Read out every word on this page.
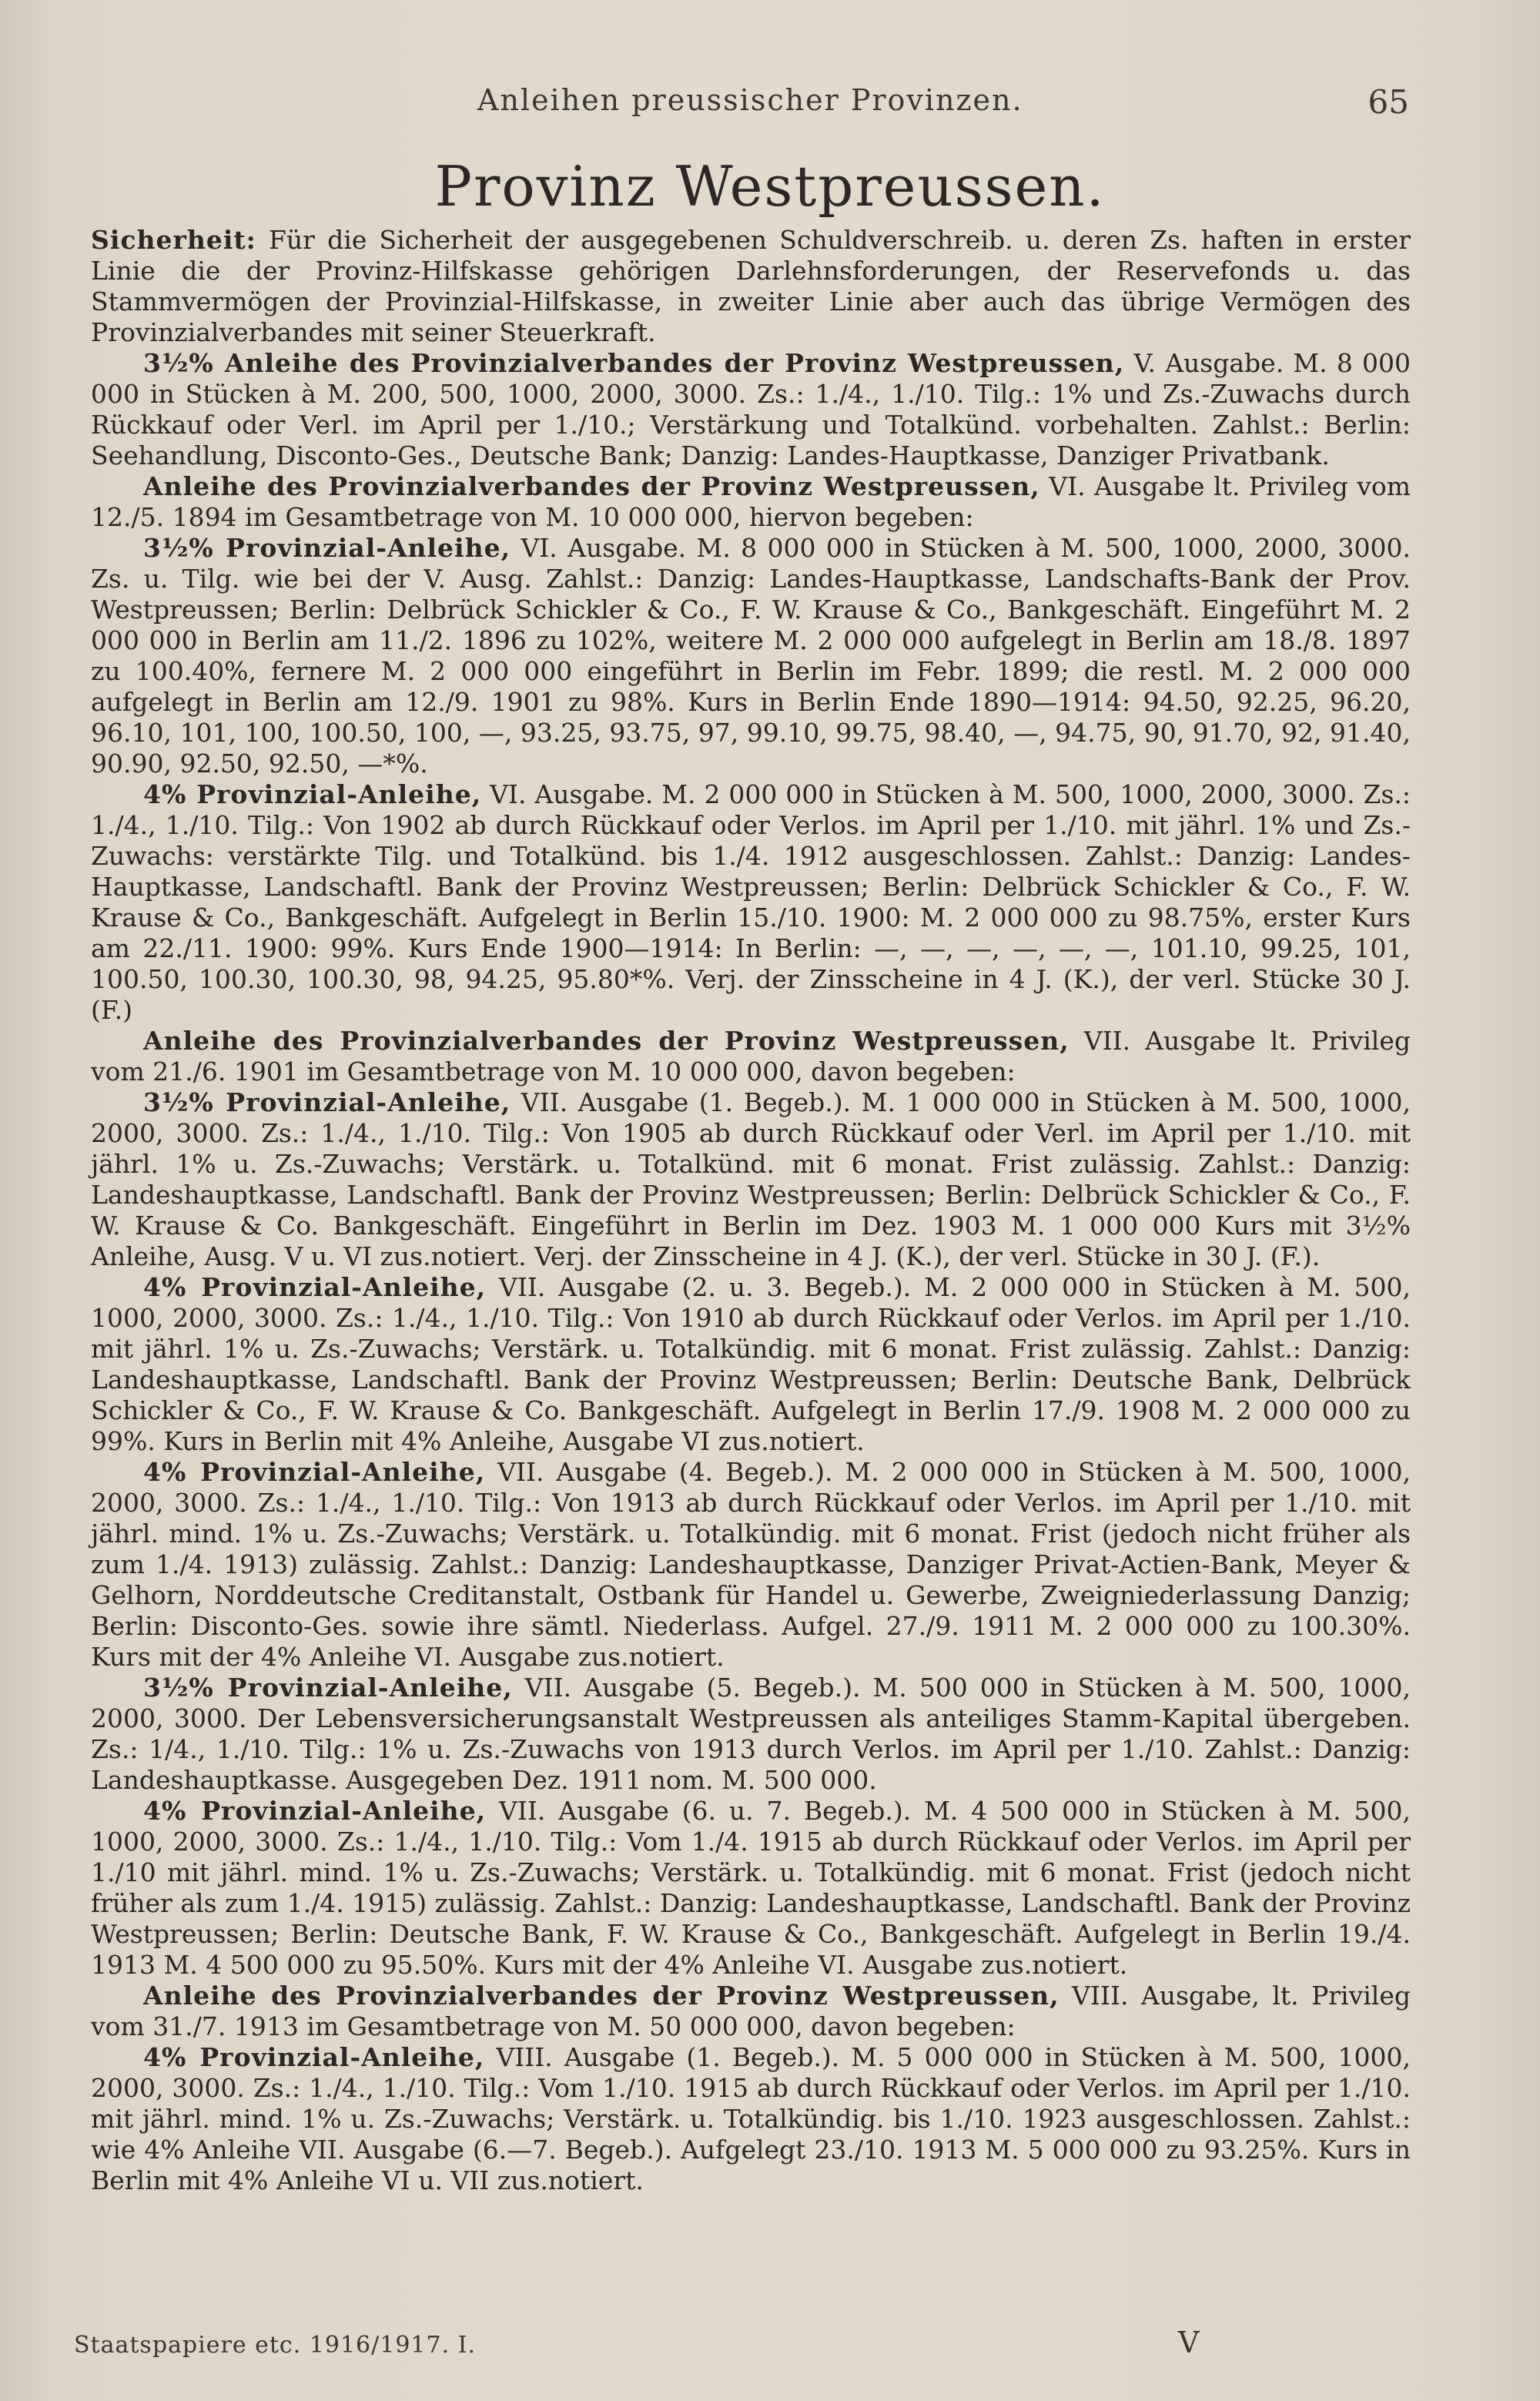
Anleihen preussischer Provinzen.	65
Provinz Westpreussen.

Sicherheit: Für die Sicherheit der ausgegebenen Schuldverschreib. u. deren Zs. haften in erster Linie die der Provinz-Hilfskasse gehörigen Darlehnsforderungen, der Reservefonds u. das Stammvermögen der Provinzial-Hilfskasse, in zweiter Linie aber auch das übrige Vermögen des Provinzialverbandes mit seiner Steuerkraft.

3½% Anleihe des Provinzialverbandes der Provinz Westpreussen, V. Ausgabe. M. 8 000 000 in Stücken à M. 200, 500, 1000, 2000, 3000. Zs.: 1./4., 1./10. Tilg.: 1% und Zs.-Zuwachs durch Rückkauf oder Verl. im April per 1./10.; Verstärkung und Totalkünd. vorbehalten. Zahlst.: Berlin: Seehandlung, Disconto-Ges., Deutsche Bank; Danzig: Landes-Hauptkasse, Danziger Privatbank.

Anleihe des Provinzialverbandes der Provinz Westpreussen, VI. Ausgabe lt. Privileg vom 12./5. 1894 im Gesamtbetrage von M. 10 000 000, hiervon begeben:

3½% Provinzial-Anleihe, VI. Ausgabe. M. 8 000 000 in Stücken à M. 500, 1000, 2000, 3000. Zs. u. Tilg. wie bei der V. Ausg. Zahlst.: Danzig: Landes-Hauptkasse, Landschafts-Bank der Prov. Westpreussen; Berlin: Delbrück Schickler & Co., F. W. Krause & Co., Bankgeschäft. Eingeführt M. 2 000 000 in Berlin am 11./2. 1896 zu 102%, weitere M. 2 000 000 aufgelegt in Berlin am 18./8. 1897 zu 100.40%, fernere M. 2 000 000 eingeführt in Berlin im Febr. 1899; die restl. M. 2 000 000 aufgelegt in Berlin am 12./9. 1901 zu 98%. Kurs in Berlin Ende 1890—1914: 94.50, 92.25, 96.20, 96.10, 101, 100, 100.50, 100, —, 93.25, 93.75, 97, 99.10, 99.75, 98.40, —, 94.75, 90, 91.70, 92, 91.40, 90.90, 92.50, 92.50, —*%.

4% Provinzial-Anleihe, VI. Ausgabe. M. 2 000 000 in Stücken à M. 500, 1000, 2000, 3000. Zs.: 1./4., 1./10. Tilg.: Von 1902 ab durch Rückkauf oder Verlos. im April per 1./10. mit jährl. 1% und Zs.-Zuwachs: verstärkte Tilg. und Totalkünd. bis 1./4. 1912 ausgeschlossen. Zahlst.: Danzig: Landes-Hauptkasse, Landschaftl. Bank der Provinz Westpreussen; Berlin: Delbrück Schickler & Co., F. W. Krause & Co., Bankgeschäft. Aufgelegt in Berlin 15./10. 1900: M. 2 000 000 zu 98.75%, erster Kurs am 22./11. 1900: 99%. Kurs Ende 1900—1914: In Berlin: —, —, —, —, —, —, 101.10, 99.25, 101, 100.50, 100.30, 100.30, 98, 94.25, 95.80*%. Verj. der Zinsscheine in 4 J. (K.), der verl. Stücke 30 J. (F.)

Anleihe des Provinzialverbandes der Provinz Westpreussen, VII. Ausgabe lt. Privileg vom 21./6. 1901 im Gesamtbetrage von M. 10 000 000, davon begeben:

3½% Provinzial-Anleihe, VII. Ausgabe (1. Begeb.). M. 1 000 000 in Stücken à M. 500, 1000, 2000, 3000. Zs.: 1./4., 1./10. Tilg.: Von 1905 ab durch Rückkauf oder Verl. im April per 1./10. mit jährl. 1% u. Zs.-Zuwachs; Verstärk. u. Totalkünd. mit 6 monat. Frist zulässig. Zahlst.: Danzig: Landeshauptkasse, Landschaftl. Bank der Provinz Westpreussen; Berlin: Delbrück Schickler & Co., F. W. Krause & Co. Bankgeschäft. Eingeführt in Berlin im Dez. 1903 M. 1 000 000 Kurs mit 3½% Anleihe, Ausg. V u. VI zus.notiert. Verj. der Zinsscheine in 4 J. (K.), der verl. Stücke in 30 J. (F.).

4% Provinzial-Anleihe, VII. Ausgabe (2. u. 3. Begeb.). M. 2 000 000 in Stücken à M. 500, 1000, 2000, 3000. Zs.: 1./4., 1./10. Tilg.: Von 1910 ab durch Rückkauf oder Verlos. im April per 1./10. mit jährl. 1% u. Zs.-Zuwachs; Verstärk. u. Totalkündig. mit 6 monat. Frist zulässig. Zahlst.: Danzig: Landeshauptkasse, Landschaftl. Bank der Provinz Westpreussen; Berlin: Deutsche Bank, Delbrück Schickler & Co., F. W. Krause & Co. Bankgeschäft. Aufgelegt in Berlin 17./9. 1908 M. 2 000 000 zu 99%. Kurs in Berlin mit 4% Anleihe, Ausgabe VI zus.notiert.

4% Provinzial-Anleihe, VII. Ausgabe (4. Begeb.). M. 2 000 000 in Stücken à M. 500, 1000, 2000, 3000. Zs.: 1./4., 1./10. Tilg.: Von 1913 ab durch Rückkauf oder Verlos. im April per 1./10. mit jährl. mind. 1% u. Zs.-Zuwachs; Verstärk. u. Totalkündig. mit 6 monat. Frist (jedoch nicht früher als zum 1./4. 1913) zulässig. Zahlst.: Danzig: Landeshauptkasse, Danziger Privat-Actien-Bank, Meyer & Gelhorn, Norddeutsche Creditanstalt, Ostbank für Handel u. Gewerbe, Zweigniederlassung Danzig; Berlin: Disconto-Ges. sowie ihre sämtl. Niederlass. Aufgel. 27./9. 1911 M. 2 000 000 zu 100.30%. Kurs mit der 4% Anleihe VI. Ausgabe zus.notiert.

3½% Provinzial-Anleihe, VII. Ausgabe (5. Begeb.). M. 500 000 in Stücken à M. 500, 1000, 2000, 3000. Der Lebensversicherungsanstalt Westpreussen als anteiliges Stamm-Kapital übergeben. Zs.: 1/4., 1./10. Tilg.: 1% u. Zs.-Zuwachs von 1913 durch Verlos. im April per 1./10. Zahlst.: Danzig: Landeshauptkasse. Ausgegeben Dez. 1911 nom. M. 500 000.

4% Provinzial-Anleihe, VII. Ausgabe (6. u. 7. Begeb.). M. 4 500 000 in Stücken à M. 500, 1000, 2000, 3000. Zs.: 1./4., 1./10. Tilg.: Vom 1./4. 1915 ab durch Rückkauf oder Verlos. im April per 1./10 mit jährl. mind. 1% u. Zs.-Zuwachs; Verstärk. u. Totalkündig. mit 6 monat. Frist (jedoch nicht früher als zum 1./4. 1915) zulässig. Zahlst.: Danzig: Landeshauptkasse, Landschaftl. Bank der Provinz Westpreussen; Berlin: Deutsche Bank, F. W. Krause & Co., Bankgeschäft. Aufgelegt in Berlin 19./4. 1913 M. 4 500 000 zu 95.50%. Kurs mit der 4% Anleihe VI. Ausgabe zus.notiert.

Anleihe des Provinzialverbandes der Provinz Westpreussen, VIII. Ausgabe, lt. Privileg vom 31./7. 1913 im Gesamtbetrage von M. 50 000 000, davon begeben:

4% Provinzial-Anleihe, VIII. Ausgabe (1. Begeb.). M. 5 000 000 in Stücken à M. 500, 1000, 2000, 3000. Zs.: 1./4., 1./10. Tilg.: Vom 1./10. 1915 ab durch Rückkauf oder Verlos. im April per 1./10. mit jährl. mind. 1% u. Zs.-Zuwachs; Verstärk. u. Totalkündig. bis 1./10. 1923 ausgeschlossen. Zahlst.: wie 4% Anleihe VII. Ausgabe (6.—7. Begeb.). Aufgelegt 23./10. 1913 M. 5 000 000 zu 93.25%. Kurs in Berlin mit 4% Anleihe VI u. VII zus.notiert.

Staatspapiere etc. 1916/1917. I.	V
